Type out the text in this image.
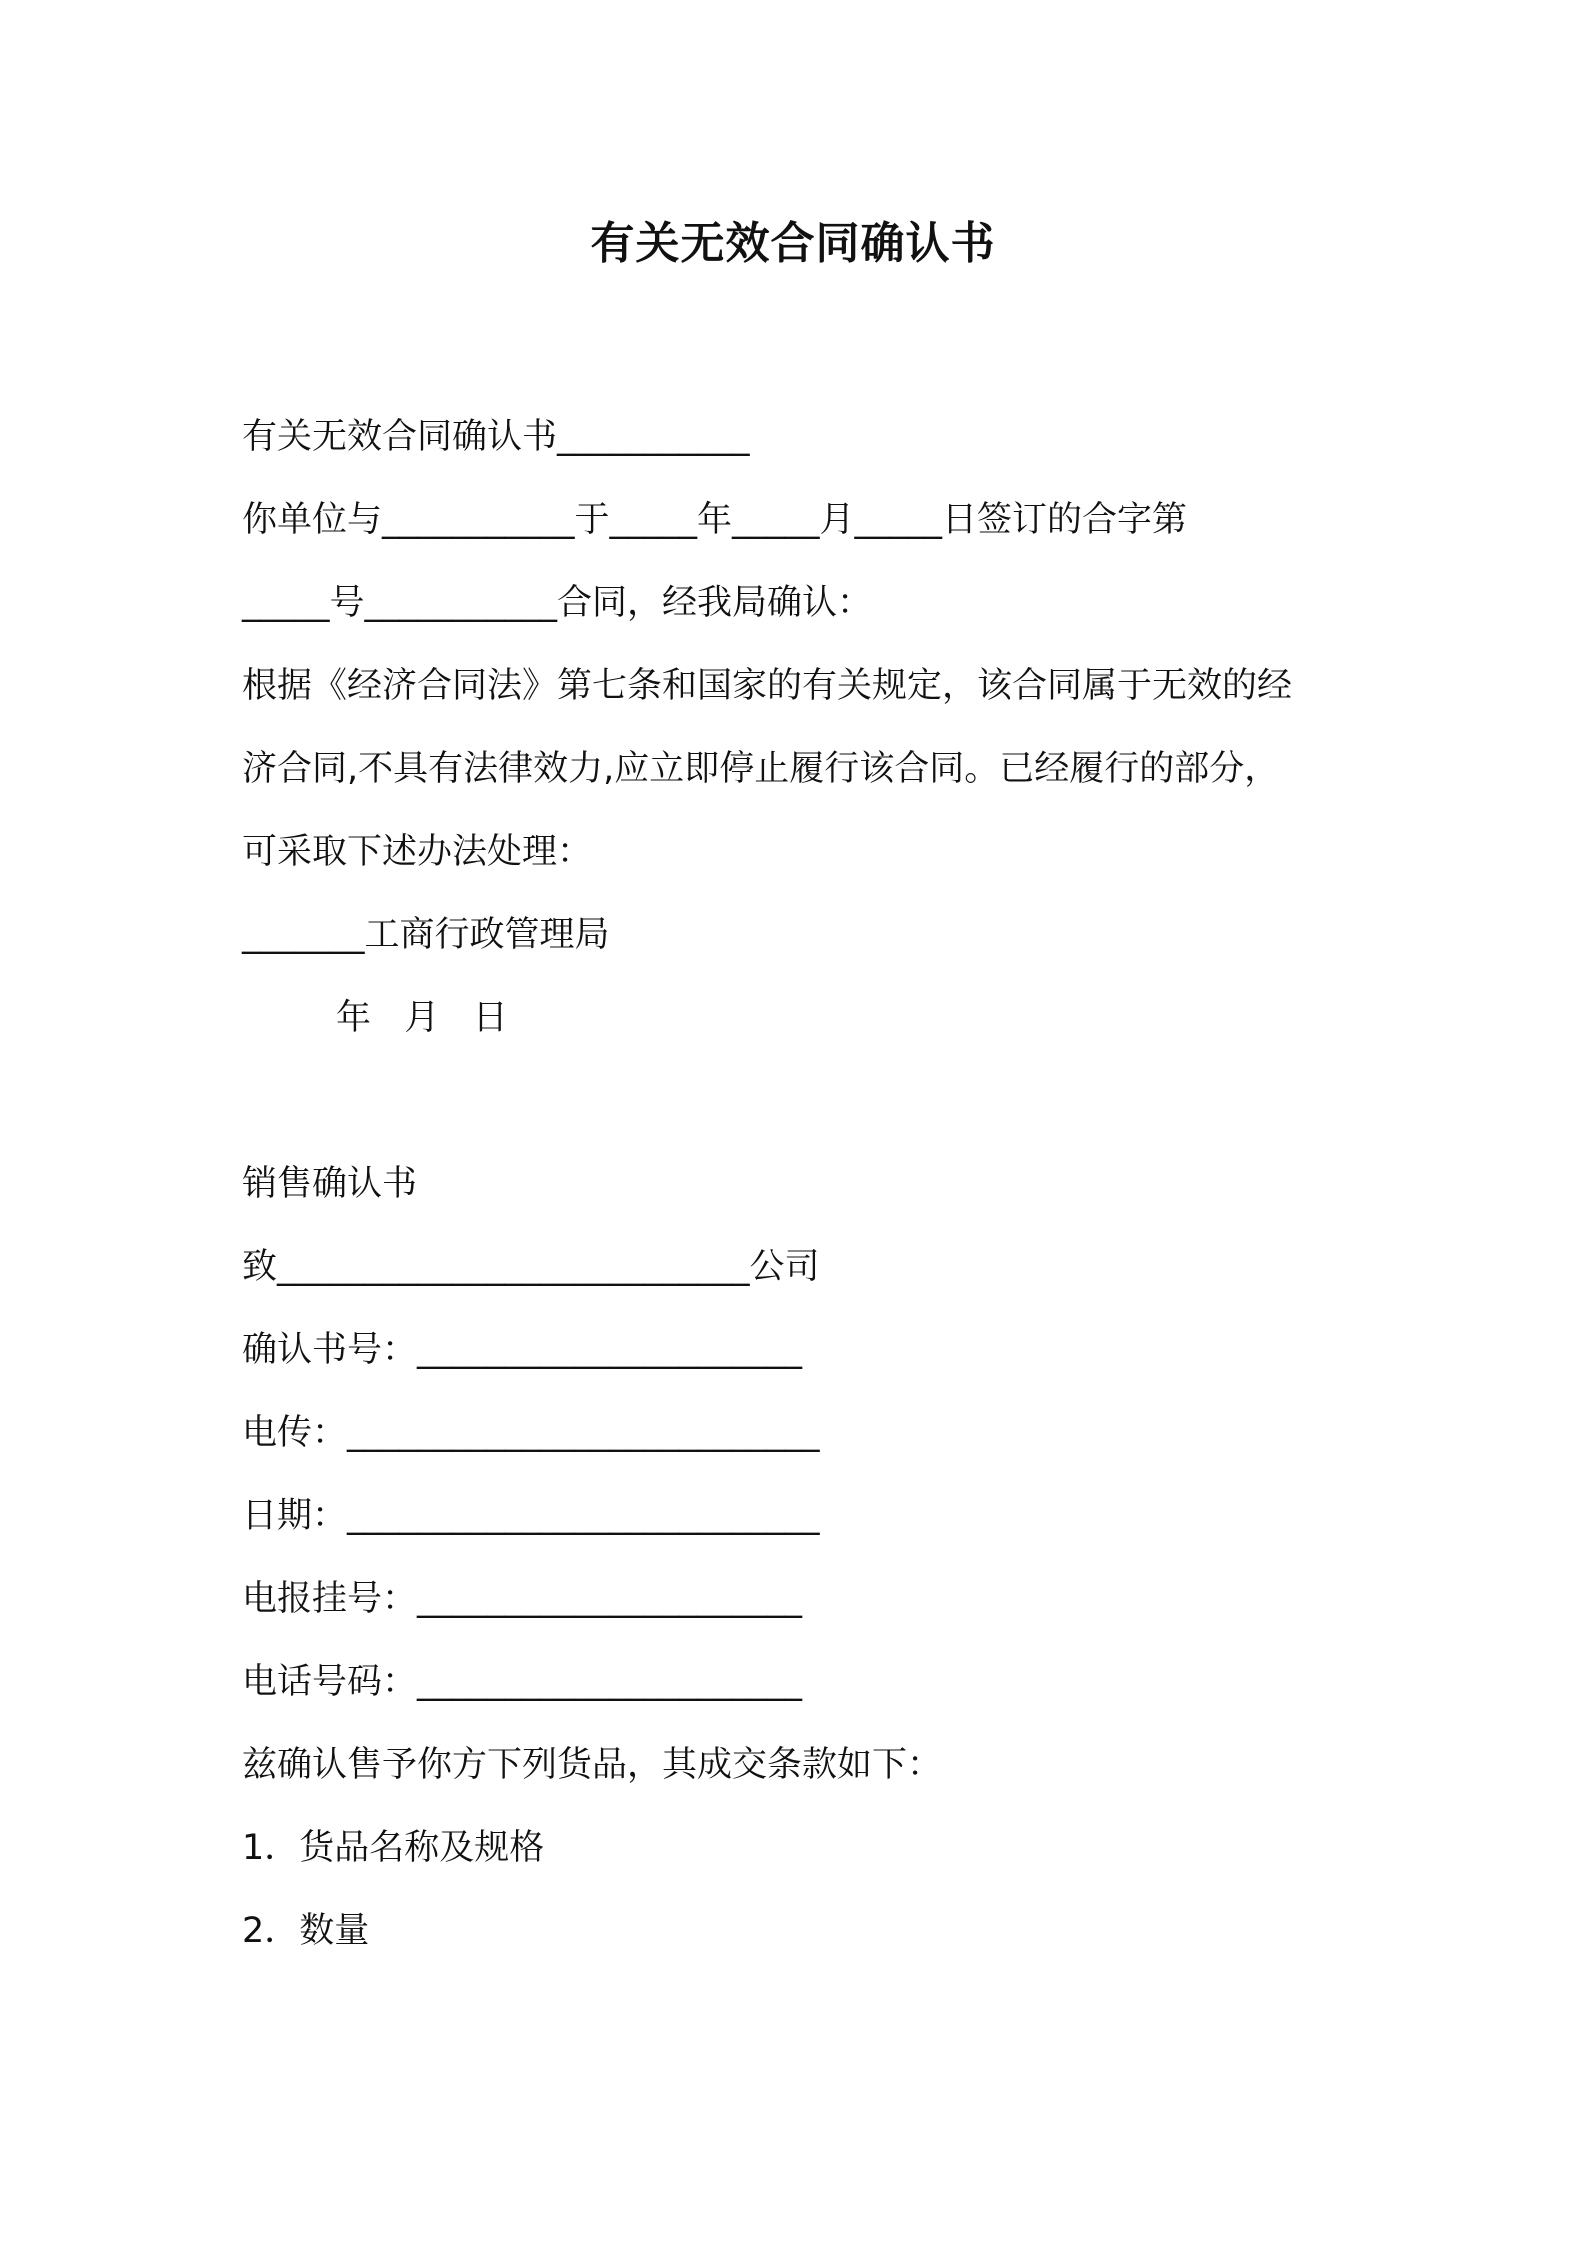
有关无效合同确认书
有关无效合同确认书___________
你单位与___________于_____年_____月_____日签订的合字第
_____号___________合同，经我局确认：
根据《经济合同法》第七条和国家的有关规定，该合同属于无效的经
济合同,不具有法律效力,应立即停止履行该合同。已经履行的部分，
可采取下述办法处理：
_______工商行政管理局
年   月   日
销售确认书
致___________________________公司
确认书号：______________________
电传：___________________________
日期：___________________________
电报挂号：______________________
电话号码：______________________
兹确认售予你方下列货品，其成交条款如下：
1．货品名称及规格
2．数量
